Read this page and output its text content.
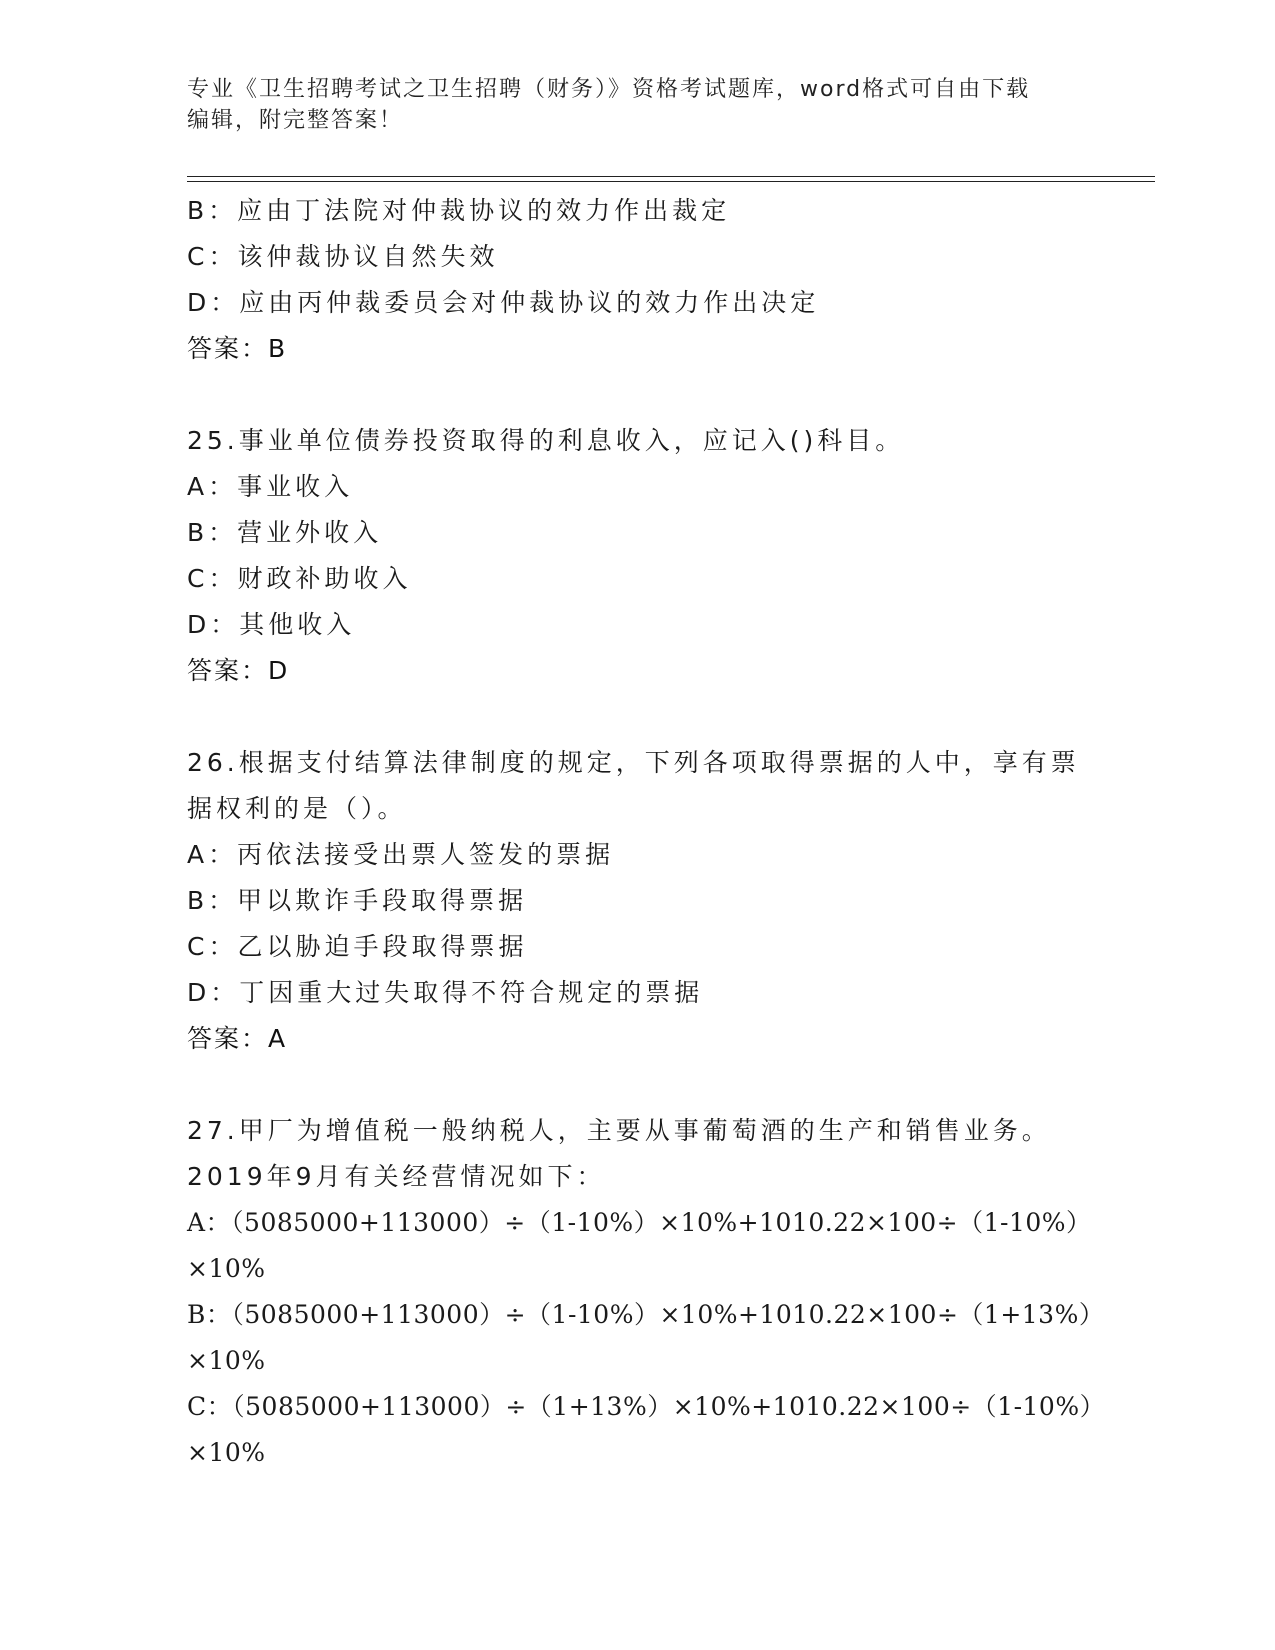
专业《卫生招聘考试之卫生招聘（财务）》资格考试题库，word格式可自由下载
编辑，附完整答案！
B：应由丁法院对仲裁协议的效力作出裁定
C：该仲裁协议自然失效
D：应由丙仲裁委员会对仲裁协议的效力作出决定
答案：B
25.事业单位债券投资取得的利息收入，应记入()科目。
A：事业收入
B：营业外收入
C：财政补助收入
D：其他收入
答案：D
26.根据支付结算法律制度的规定，下列各项取得票据的人中，享有票
据权利的是（）。
A：丙依法接受出票人签发的票据
B：甲以欺诈手段取得票据
C：乙以胁迫手段取得票据
D：丁因重大过失取得不符合规定的票据
答案：A
27.甲厂为增值税一般纳税人，主要从事葡萄酒的生产和销售业务。
2019年9月有关经营情况如下：
A：（5085000+113000）÷（1-10%）×10%+1010.22×100÷（1-10%）
×10%
B：（5085000+113000）÷（1-10%）×10%+1010.22×100÷（1+13%）
×10%
C：（5085000+113000）÷（1+13%）×10%+1010.22×100÷（1-10%）
×10%
